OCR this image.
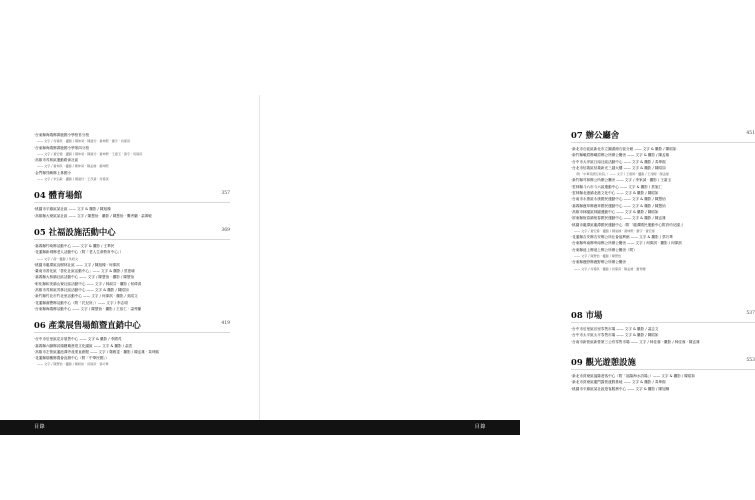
‧台東縣海端鄉霧鹿國小學校首分校
—— 文字 / 何偉淇　攝影 / 陳仲榮 · 陳滋玲 · 黃坤熙 · 蕭宇 · 何偉淇
‧台東縣海端鄉霧鹿國小學第四分校
—— 文字 / 黃宏偉　攝影 / 陳仲榮 · 陳滋玲 · 黃坤熙 · 王嘉玉 · 黃宇 · 何偉淇
‧高雄市茂林區運動路演社區
—— 文字 / 黃仲淇 · 攝影 / 陳仲榮 · 陳孟雄 · 黃坤熙
‧金門縣烈嶼鄉上林國小
—— 文字 / 朱弘敏　攝影 / 陳滋玲 · 王茂基 · 何偉淇
04 體育場館	357
‧桃園市平鎮區某社區 —— 文字 & 攝影 / 陳旭棟
‧高雄縣大寮區某社區 —— 文字 / 陳慧怡　攝影 / 陳慧怡 · 龔秀蘭 · 蕭萬敏
05 社福設施活動中心	369
‧嘉義縣竹崎鄉活動中心 —— 文字 & 攝影 / 王華民
‧花蓮縣新城鄉老人活動中心（附「老人生命教育中心」）
—— 文字 / 薛一攝影 / 吳昭文
‧桃園市龍潭區烏樹林社區 —— 文字 / 陳旭棟 · 何偉淇
‧臺南市善化區「善化社區活動中心」—— 文字 & 攝影 / 蔡惠瑜
‧嘉義縣大林鎮社區活動中心 —— 文字 / 陳慧怡 · 攝影 / 陳慧怡
‧彰化縣和美鎮山寮社區活動中心 —— 文字 / 林淑芬 · 攝影 / 何偉淇
‧高雄市茂林區茂林社區活動中心 —— 文字 & 攝影 / 陳昭如
‧新竹縣竹北市竹北里活動中心 —— 文字 / 何偉淇 · 攝影 / 吳昭文
‧花蓮縣壽豐鄉活動中心（附「托兒所」）—— 文字 / 李志明
‧台東縣海端鄉活動中心 —— 文字 / 陳慧怡 · 攝影 / 王裕仁 · 蕭秀蘭
06 產業展售場館暨直銷中心	419
‧台中市后里區花卉展售中心 —— 文字 & 攝影 / 李國茂
‧嘉義縣六腳鄉蒜頭糖廠蔗埕文化園區 —— 文字 & 攝影 / 蕭雲
‧高雄市左營區蓮池潭旁產業直銷點 —— 文字 / 鄭雅雯 · 攝影 / 陳孟雄 · 黃坤熙
‧花蓮縣瑞穗鄉農會直銷中心（附「中華民國」）
—— 文字 / 陳慧怡 · 攝影 / 陳昭如 · 何偉淇 · 蔡巧華
07 辦公廳舍	451
‧新北市石碇區新北市立圖書館石碇分館 —— 文字 & 攝影 / 陳昭如
‧新竹縣峨眉鄉峨眉鄉公所辦公廳舍 —— 文字 & 攝影 / 陳孟雄
‧台中市大甲區日南社區活動中心 —— 文字 & 攝影 / 黃坤熙
‧台北市信義區信義新光三越大樓 —— 文字 & 攝影 / 陳昭如
（附「中華民國行政院」）—— 文字 / 王翊婷 · 攝影 / 王翊婷 · 陳孟雄
‧新竹縣芎林鄉公所辦公廳舍 —— 文字 / 李家誠 · 攝影 / 王嘉玉
‧雲林縣斗六市斗六區運動中心 —— 文字 & 攝影 / 蔡旭仁
‧雲林縣北港鎮北港文化中心 —— 文字 & 攝影 / 陳昭如
‧台南市永康區永康國民運動中心 —— 文字 & 攝影 / 陳慧怡
‧嘉義縣鹿草鄉鹿草國民運動中心 —— 文字 & 攝影 / 陳慧怡
‧高雄市林園區林園運動中心 —— 文字 & 攝影 / 陳昭如
‧屏東縣恆春鎮恆春國民運動中心 —— 文字 & 攝影 / 陳孟雄
‧桃園市龍潭區龍潭國民運動中心（附「龍潭國民運動中心附設幼兒園」）
—— 文字 / 黃宏偉　攝影 / 陳旭棟 · 黃坤熙 · 蕭宇 · 黃宏偉
‧花蓮縣吉安鄉吉安鄉公所社會福利館 —— 文字 & 攝影 / 蔡巧華
‧台東縣卑南鄉卑南鄉公所辦公廳舍 —— 文字 / 何偉淇 · 攝影 / 何偉淇
‧台東縣池上鄉池上鄉公所辦公廳舍（附）
—— 文字 / 陳慧怡 · 攝影 / 陳慧怡
‧台東縣鹿野鄉鹿野鄉公所辦公廳舍
—— 文字 / 何偉淇 · 攝影 / 何偉淇 · 陳孟雄 · 蕭秀蘭
08 市場	537
‧台中市后里區后里零售市場 —— 文字 & 攝影 / 蕭志文
‧台中市太平區太平零售市場 —— 文字 & 攝影 / 陳昭如
‧台南市新營區新營第三公有零售市場 —— 文字 / 林佳蓉 · 攝影 / 林佳蓉 · 陳孟雄
09 觀光遊憩設施	553
‧新北市貢寮區福隆遊客中心（附「福隆海水浴場」）—— 文字 & 攝影 / 陳昭如
‧新北市貢寮區龍門露營渡假基地 —— 文字 & 攝影 / 黃坤熙
‧桃園市平鎮區某社區遊客服務中心 —— 文字 & 攝影 / 陳旭棟
目錄	目錄
